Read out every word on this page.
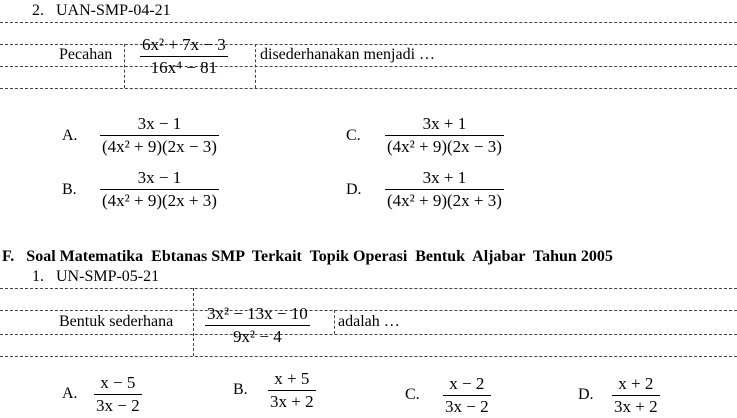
2. UAN-SMP-04-21
Pecahan
6x² + 7x − 3
16x⁴ − 81
disederhanakan menjadi …
A.
3x − 1
(4x² + 9)(2x − 3)
B.
3x − 1
(4x² + 9)(2x + 3)
C.
3x + 1
(4x² + 9)(2x − 3)
D.
3x + 1
(4x² + 9)(2x + 3)
F.   Soal Matematika  Ebtanas SMP  Terkait  Topik Operasi  Bentuk  Aljabar  Tahun 2005
1. UN-SMP-05-21
Bentuk sederhana 3x² − 13x − 10
9x² − 4
adalah …
A.
x − 5
3x − 2
B.
x + 5
3x + 2	C.
x − 2
3x − 2
D.
x + 2
3x + 2
